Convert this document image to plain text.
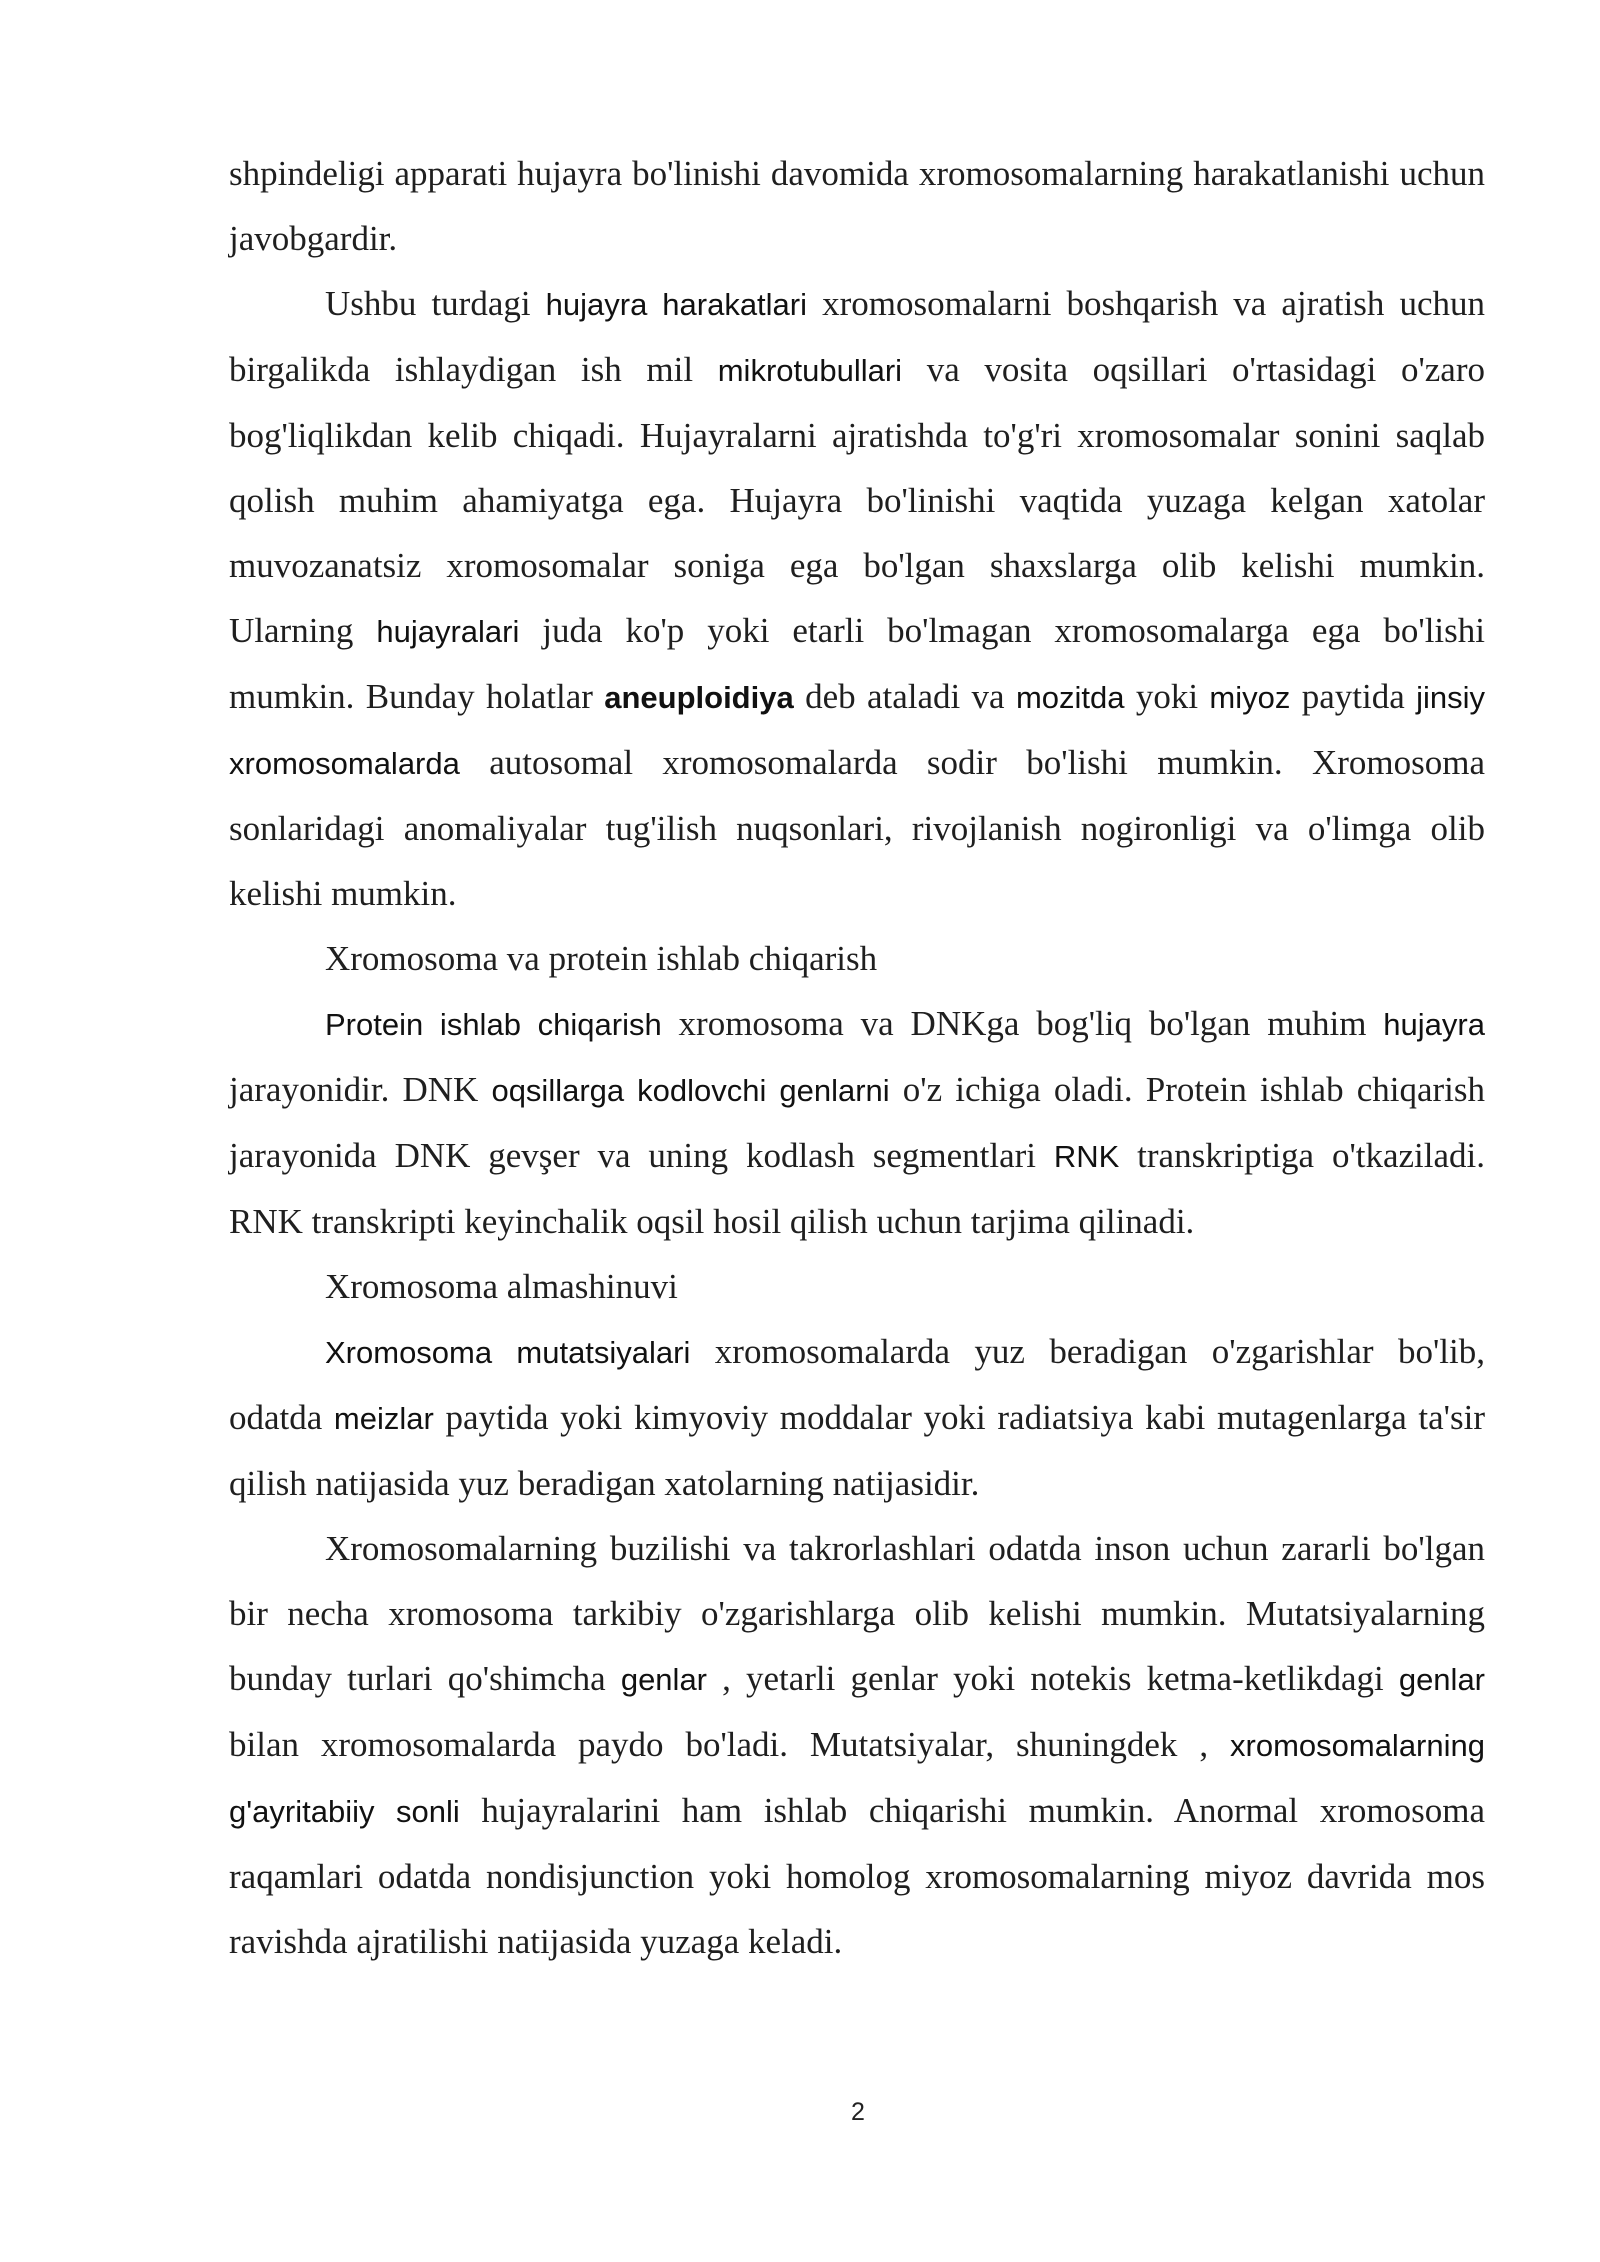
shpindeligi apparati hujayra bo'linishi davomida xromosomalarning harakatlanishi uchun javobgardir.

Ushbu turdagi hujayra harakatlari xromosomalarni boshqarish va ajratish uchun birgalikda ishlaydigan ish mil mikrotubullari va vosita oqsillari o'rtasidagi o'zaro bog'liqlikdan kelib chiqadi. Hujayralarni ajratishda to'g'ri xromosomalar sonini saqlab qolish muhim ahamiyatga ega. Hujayra bo'linishi vaqtida yuzaga kelgan xatolar muvozanatsiz xromosomalar soniga ega bo'lgan shaxslarga olib kelishi mumkin. Ularning hujayralari juda ko'p yoki etarli bo'lmagan xromosomalarga ega bo'lishi mumkin. Bunday holatlar aneuploidiya deb ataladi va mozitda yoki miyoz paytida jinsiy xromosomalarda autosomal xromosomalarda sodir bo'lishi mumkin. Xromosoma sonlaridagi anomaliyalar tug'ilish nuqsonlari, rivojlanish nogironligi va o'limga olib kelishi mumkin.

Xromosoma va protein ishlab chiqarish

Protein ishlab chiqarish xromosoma va DNKga bog'liq bo'lgan muhim hujayra jarayonidir. DNK oqsillarga kodlovchi genlarni o'z ichiga oladi. Protein ishlab chiqarish jarayonida DNK gevşer va uning kodlash segmentlari RNK transkriptiga o'tkaziladi. RNK transkripti keyinchalik oqsil hosil qilish uchun tarjima qilinadi.

Xromosoma almashinuvi

Xromosoma mutatsiyalari xromosomalarda yuz beradigan o'zgarishlar bo'lib, odatda meizlar paytida yoki kimyoviy moddalar yoki radiatsiya kabi mutagenlarga ta'sir qilish natijasida yuz beradigan xatolarning natijasidir.

Xromosomalarning buzilishi va takrorlashlari odatda inson uchun zararli bo'lgan bir necha xromosoma tarkibiy o'zgarishlarga olib kelishi mumkin. Mutatsiyalarning bunday turlari qo'shimcha genlar , yetarli genlar yoki notekis ketma-ketlikdagi genlar bilan xromosomalarda paydo bo'ladi. Mutatsiyalar, shuningdek , xromosomalarning g'ayritabiiy sonli hujayralarini ham ishlab chiqarishi mumkin. Anormal xromosoma raqamlari odatda nondisjunction yoki homolog xromosomalarning miyoz davrida mos ravishda ajratilishi natijasida yuzaga keladi.

2
